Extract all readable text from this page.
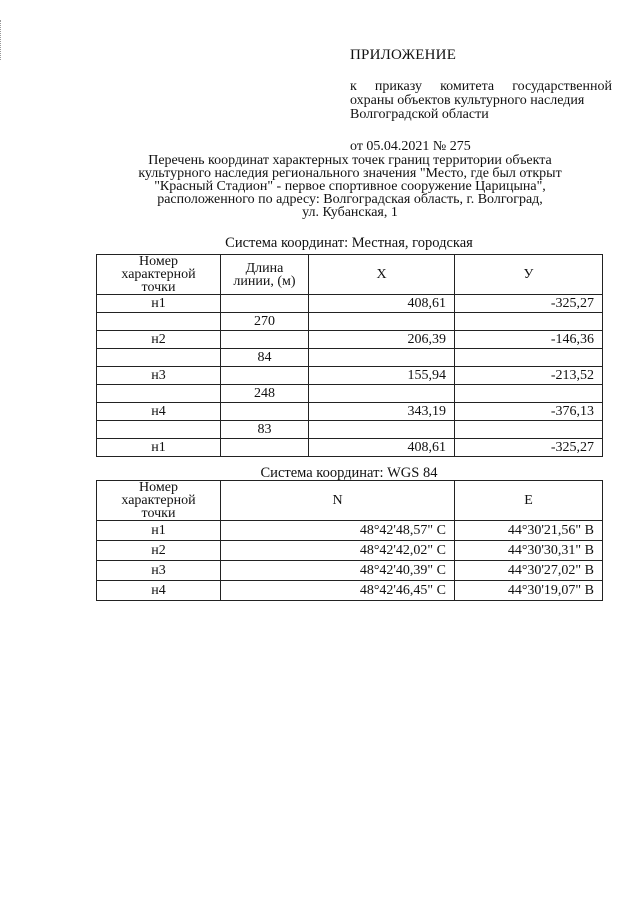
ПРИЛОЖЕНИЕ
к приказу комитета государственной
охраны объектов культурного наследия
Волгоградской области
от 05.04.2021 № 275
Перечень координат характерных точек границ территории объекта
культурного наследия регионального значения "Место, где был открыт
"Красный Стадион" - первое спортивное сооружение Царицына",
расположенного по адресу: Волгоградская область, г. Волгоград,
ул. Кубанская, 1
Система координат: Местная, городская
Номер характерной точки	Длина линии, (м)	X	У
н1		408,61	-325,27
	270		
н2		206,39	-146,36
	84		
н3		155,94	-213,52
	248		
н4		343,19	-376,13
	83		
н1		408,61	-325,27
Система координат: WGS 84
Номер характерной точки	N	E
н1	48°42'48,57" С	44°30'21,56" В
н2	48°42'42,02" С	44°30'30,31" В
н3	48°42'40,39" С	44°30'27,02" В
н4	48°42'46,45" С	44°30'19,07" В
